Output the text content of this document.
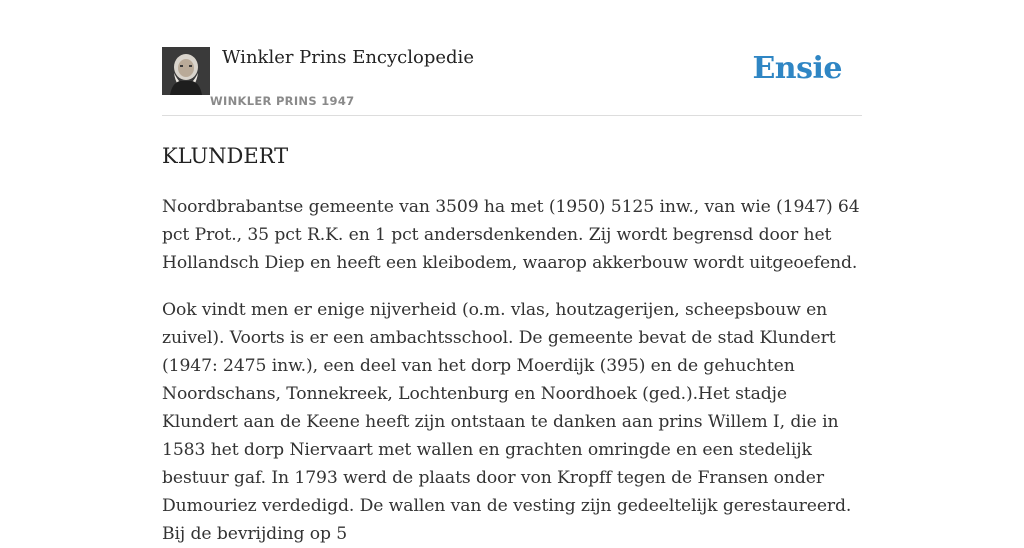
Winkler Prins Encyclopedie
WINKLER PRINS 1947
Ensie
KLUNDERT

Noordbrabantse gemeente van 3509 ha met (1950) 5125 inw., van wie (1947) 64 pct Prot., 35 pct R.K. en 1 pct andersdenkenden. Zij wordt begrensd door het Hollandsch Diep en heeft een kleibodem, waarop akkerbouw wordt uitgeoefend.

Ook vindt men er enige nijverheid (o.m. vlas, houtzagerijen, scheepsbouw en zuivel). Voorts is er een ambachtsschool. De gemeente bevat de stad Klundert (1947: 2475 inw.), een deel van het dorp Moerdijk (395) en de gehuchten Noordschans, Tonnekreek, Lochtenburg en Noordhoek (ged.).Het stadje Klundert aan de Keene heeft zijn ontstaan te danken aan prins Willem I, die in 1583 het dorp Niervaart met wallen en grachten omringde en een stedelijk bestuur gaf. In 1793 werd de plaats door von Kropff tegen de Fransen onder Dumouriez verdedigd. De wallen van de vesting zijn gedeeltelijk gerestaureerd. Bij de bevrijding op 5
